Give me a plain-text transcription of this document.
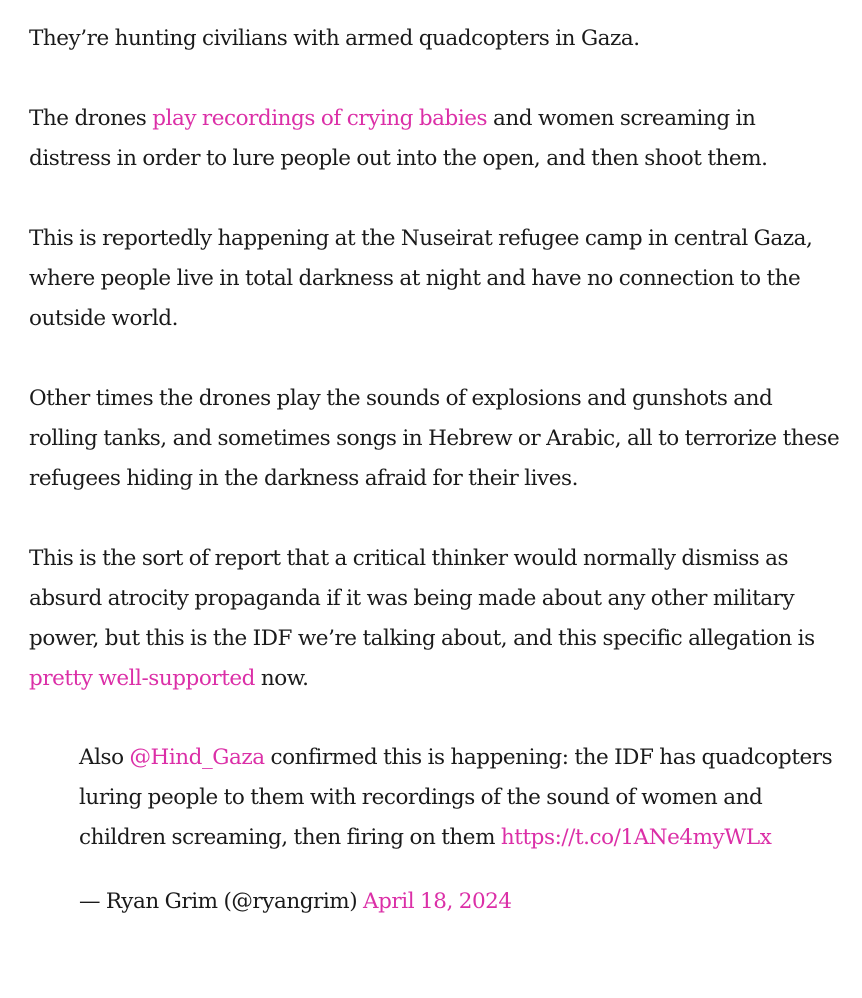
They’re hunting civilians with armed quadcopters in Gaza.

The drones play recordings of crying babies and women screaming in distress in order to lure people out into the open, and then shoot them.

This is reportedly happening at the Nuseirat refugee camp in central Gaza, where people live in total darkness at night and have no connection to the outside world.

Other times the drones play the sounds of explosions and gunshots and rolling tanks, and sometimes songs in Hebrew or Arabic, all to terrorize these refugees hiding in the darkness afraid for their lives.

This is the sort of report that a critical thinker would normally dismiss as absurd atrocity propaganda if it was being made about any other military power, but this is the IDF we’re talking about, and this specific allegation is pretty well-supported now.

Also @Hind_Gaza confirmed this is happening: the IDF has quadcopters luring people to them with recordings of the sound of women and children screaming, then firing on them https://t.co/1ANe4myWLx

— Ryan Grim (@ryangrim) April 18, 2024
